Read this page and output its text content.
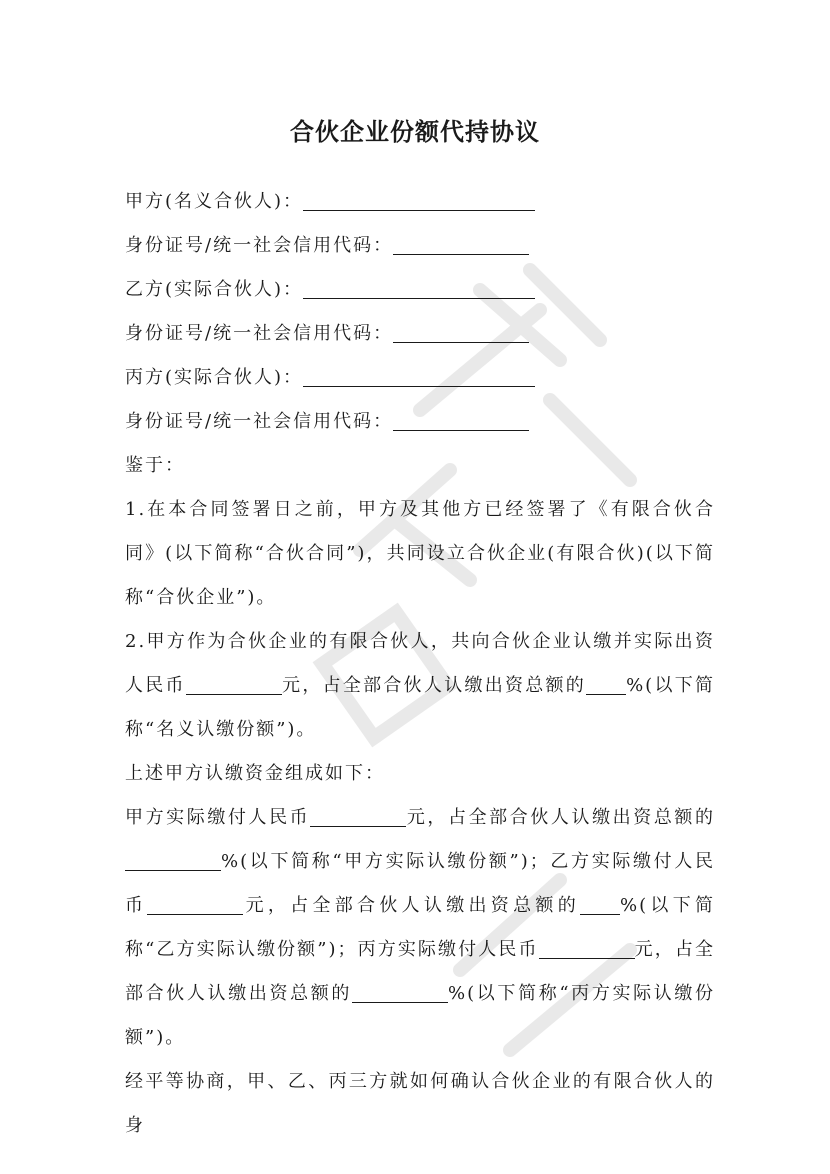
合伙企业份额代持协议
甲方(名义合伙人)：
身份证号/统一社会信用代码：
乙方(实际合伙人)：
身份证号/统一社会信用代码：
丙方(实际合伙人)：
身份证号/统一社会信用代码：
鉴于：
1.在本合同签署日之前，甲方及其他方已经签署了《有限合伙合同》(以下简称“合伙合同”)，共同设立合伙企业(有限合伙)(以下简称“合伙企业”)。
2.甲方作为合伙企业的有限合伙人，共向合伙企业认缴并实际出资人民币	元，占全部合伙人认缴出资总额的 %(以下简称“名义认缴份额”)。
上述甲方认缴资金组成如下：
甲方实际缴付人民币	元，占全部合伙人认缴出资总额的%(以下简称“甲方实际认缴份额”)；乙方实际缴付人民币	元，占全部合伙人认缴出资总额的 %(以下简称“乙方实际认缴份额”)；丙方实际缴付人民币	元，占全部合伙人认缴出资总额的	%(以下简称“丙方实际认缴份额”)。
经平等协商，甲、乙、丙三方就如何确认合伙企业的有限合伙人的身
